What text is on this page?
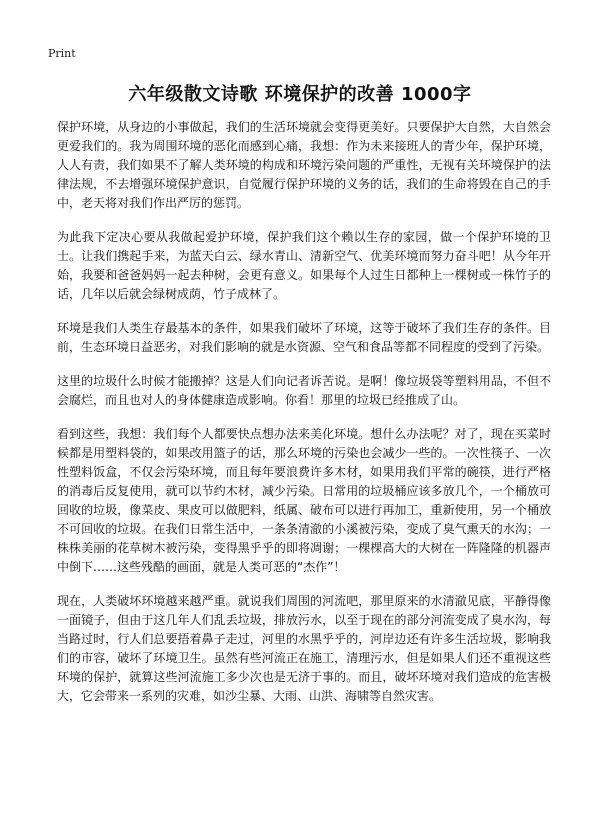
Print
六年级散文诗歌 环境保护的改善 1000字

保护环境，从身边的小事做起，我们的生活环境就会变得更美好。只要保护大自然，大自然会更爱我们的。我为周围环境的恶化而感到心痛，我想：作为未来接班人的青少年，保护环境，人人有责，我们如果不了解人类环境的构成和环境污染问题的严重性，无视有关环境保护的法律法规，不去增强环境保护意识，自觉履行保护环境的义务的话，我们的生命将毁在自己的手中，老天将对我们作出严厉的惩罚。

为此我下定决心要从我做起爱护环境，保护我们这个赖以生存的家园，做一个保护环境的卫士。让我们携起手来，为蓝天白云、绿水青山、清新空气、优美环境而努力奋斗吧！从今年开始，我要和爸爸妈妈一起去种树，会更有意义。如果每个人过生日都种上一棵树或一株竹子的话，几年以后就会绿树成荫，竹子成林了。

环境是我们人类生存最基本的条件，如果我们破坏了环境，这等于破坏了我们生存的条件。目前，生态环境日益恶劣，对我们影响的就是水资源、空气和食品等都不同程度的受到了污染。

这里的垃圾什么时候才能搬掉？这是人们向记者诉苦说。是啊！像垃圾袋等塑料用品，不但不会腐烂，而且也对人的身体健康造成影响。你看！那里的垃圾已经推成了山。

看到这些，我想：我们每个人都要快点想办法来美化环境。想什么办法呢？对了，现在买菜时候都是用塑料袋的，如果改用篮子的话，那么环境的污染也会减少一些的。一次性筷子、一次性塑料饭盒，不仅会污染环境，而且每年要浪费许多木材，如果用我们平常的碗筷，进行严格的消毒后反复使用，就可以节约木材，减少污染。日常用的垃圾桶应该多放几个，一个桶放可回收的垃圾，像菜皮、果皮可以做肥料，纸属、破布可以进行再加工，重新使用，另一个桶放不可回收的垃圾。在我们日常生活中，一条条清澈的小溪被污染，变成了臭气熏天的水沟；一株株美丽的花草树木被污染，变得黑乎乎的即将凋谢；一棵棵高大的大树在一阵隆隆的机器声中倒下……这些残酷的画面，就是人类可恶的“杰作”！

现在，人类破坏环境越来越严重。就说我们周围的河流吧，那里原来的水清澈见底，平静得像一面镜子，但由于这几年人们乱丢垃圾，排放污水，以至于现在的部分河流变成了臭水沟，每当路过时，行人们总要捂着鼻子走过，河里的水黑乎乎的，河岸边还有许多生活垃圾，影响我们的市容，破坏了环境卫生。虽然有些河流正在施工，清理污水，但是如果人们还不重视这些环境的保护，就算这些河流施工多少次也是无济于事的。而且，破坏环境对我们造成的危害极大，它会带来一系列的灾难，如沙尘暴、大雨、山洪、海啸等自然灾害。
